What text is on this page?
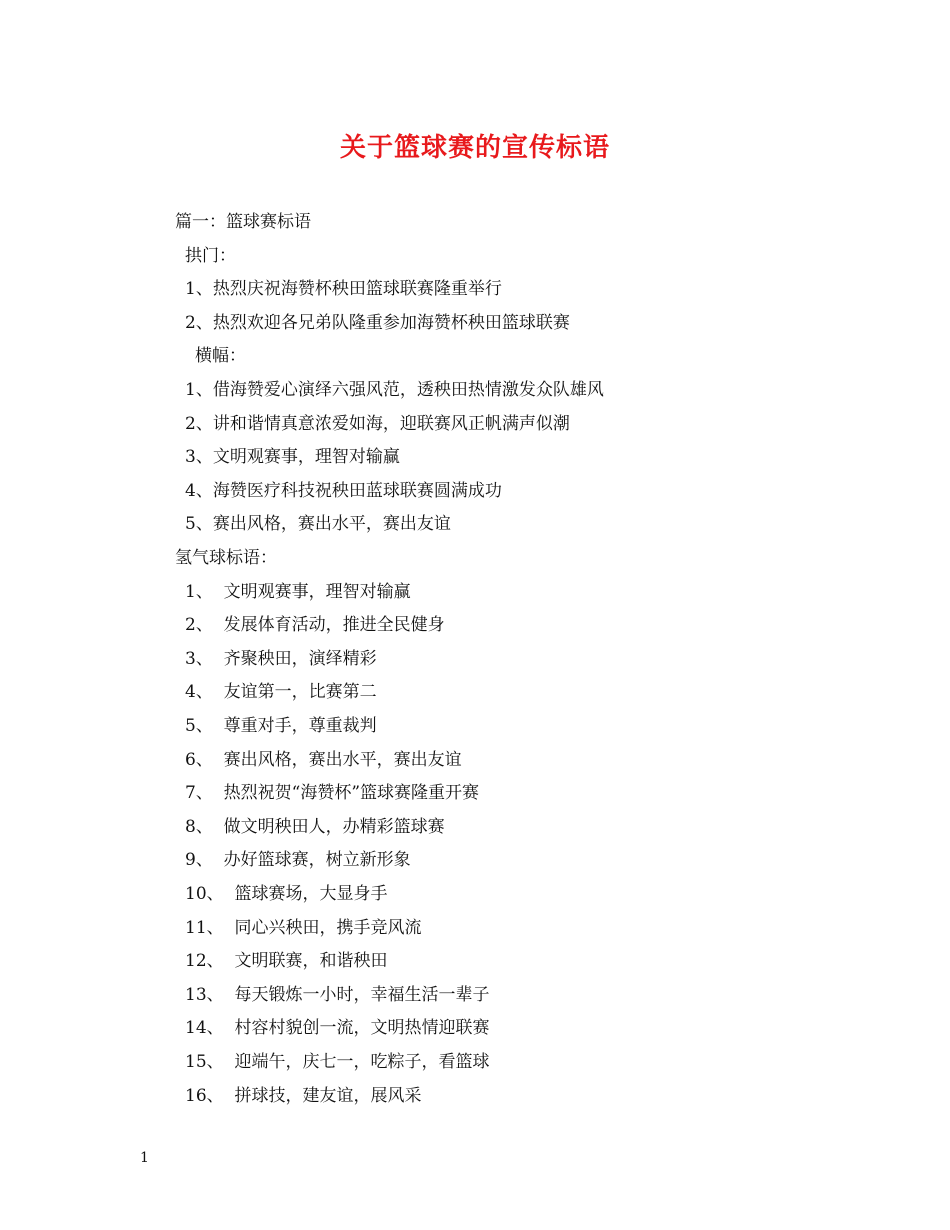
关于篮球赛的宣传标语
篇一：篮球赛标语
拱门：
1、热烈庆祝海赞杯秧田篮球联赛隆重举行
2、热烈欢迎各兄弟队隆重参加海赞杯秧田篮球联赛
横幅：
1、借海赞爱心演绎六强风范，透秧田热情激发众队雄风
2、讲和谐情真意浓爱如海，迎联赛风正帆满声似潮
3、文明观赛事，理智对输赢
4、海赞医疗科技祝秧田蓝球联赛圆满成功
5、赛出风格，赛出水平，赛出友谊
氢气球标语：
1、  文明观赛事，理智对输赢
2、  发展体育活动，推进全民健身
3、  齐聚秧田，演绎精彩
4、  友谊第一，比赛第二
5、  尊重对手，尊重裁判
6、  赛出风格，赛出水平，赛出友谊
7、  热烈祝贺“海赞杯”篮球赛隆重开赛
8、  做文明秧田人，办精彩篮球赛
9、  办好篮球赛，树立新形象
10、  篮球赛场，大显身手
11、  同心兴秧田，携手竞风流
12、  文明联赛，和谐秧田
13、  每天锻炼一小时，幸福生活一辈子
14、  村容村貌创一流，文明热情迎联赛
15、  迎端午，庆七一，吃粽子，看篮球
16、  拼球技，建友谊，展风采
1
